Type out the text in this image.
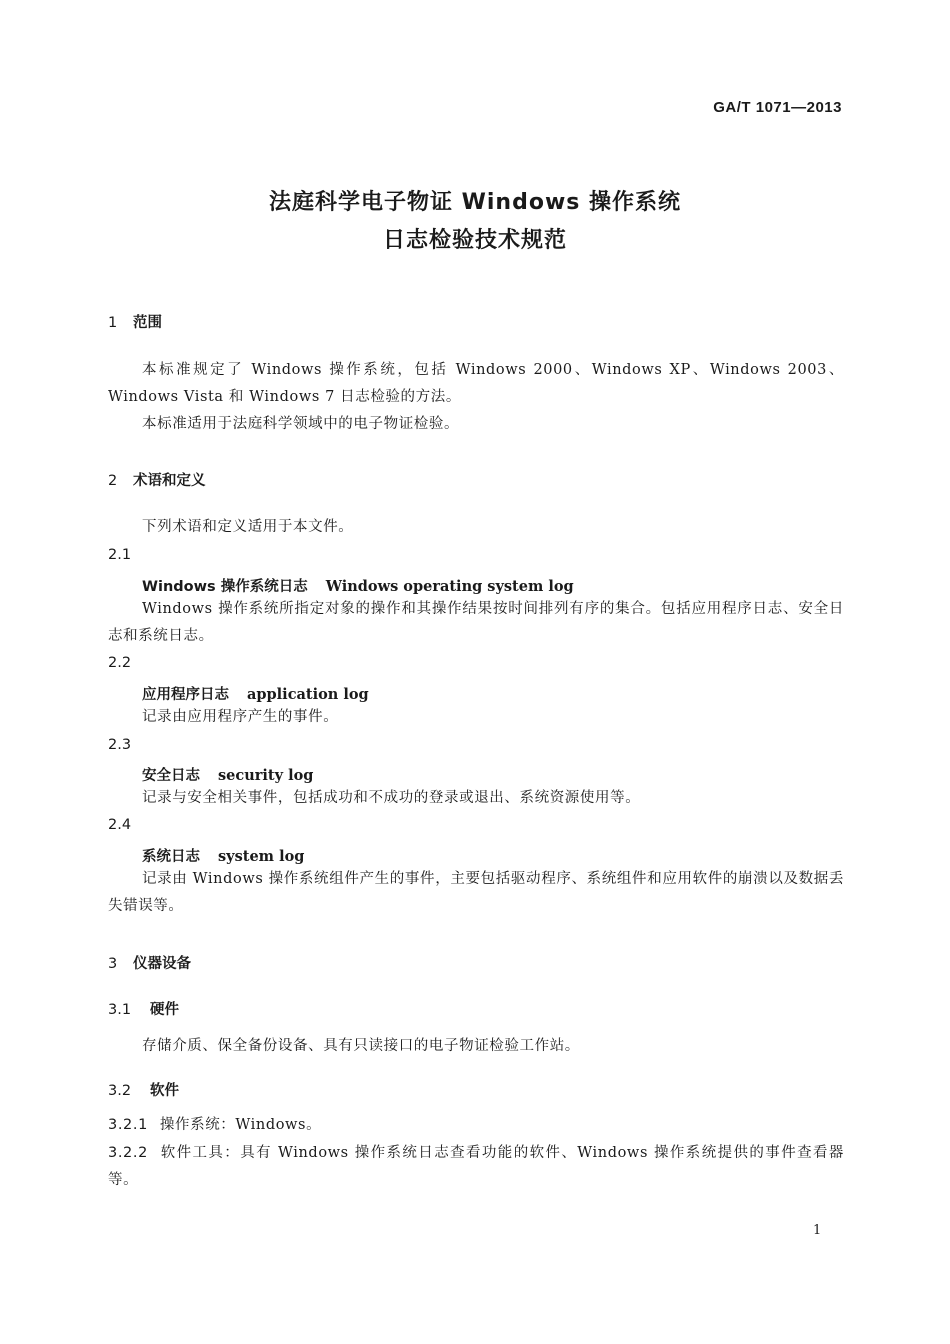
GA/T 1071—2013
法庭科学电子物证 Windows 操作系统
日志检验技术规范
1 范围
本标准规定了 Windows 操作系统，包括 Windows 2000、Windows XP、Windows 2003、Windows Vista 和 Windows 7 日志检验的方法。
本标准适用于法庭科学领域中的电子物证检验。
2 术语和定义
下列术语和定义适用于本文件。
2.1
Windows 操作系统日志 Windows operating system log
Windows 操作系统所指定对象的操作和其操作结果按时间排列有序的集合。包括应用程序日志、安全日志和系统日志。
2.2
应用程序日志 application log
记录由应用程序产生的事件。
2.3
安全日志 security log
记录与安全相关事件，包括成功和不成功的登录或退出、系统资源使用等。
2.4
系统日志 system log
记录由 Windows 操作系统组件产生的事件，主要包括驱动程序、系统组件和应用软件的崩溃以及数据丢失错误等。
3 仪器设备
3.1 硬件
存储介质、保全备份设备、具有只读接口的电子物证检验工作站。
3.2 软件
3.2.1 操作系统：Windows。
3.2.2 软件工具：具有 Windows 操作系统日志查看功能的软件、Windows 操作系统提供的事件查看器等。
1
